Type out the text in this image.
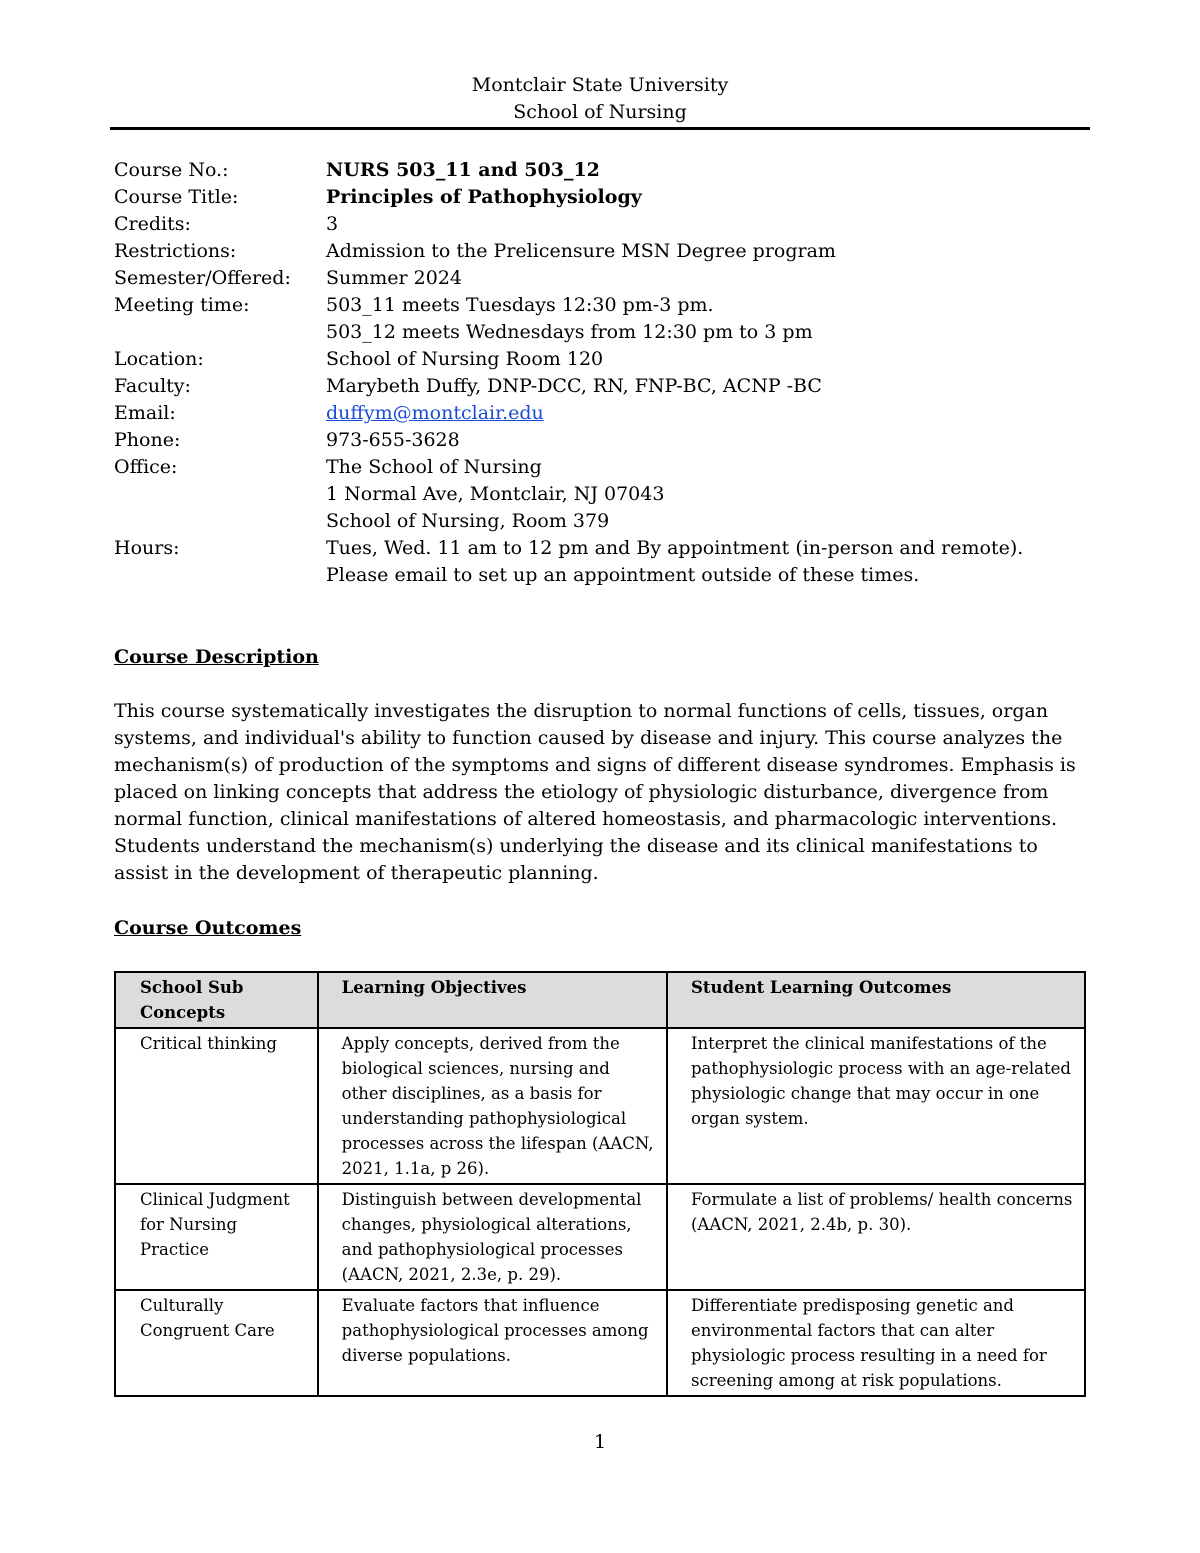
Montclair State University
School of Nursing
Course No.:	NURS 503_11 and 503_12
Course Title:	Principles of Pathophysiology
Credits:	3
Restrictions:	Admission to the Prelicensure MSN Degree program
Semester/Offered:	Summer 2024
Meeting time:	503_11 meets Tuesdays 12:30 pm-3 pm.
503_12 meets Wednesdays from 12:30 pm to 3 pm
Location:	School of Nursing Room 120
Faculty:	Marybeth Duffy, DNP-DCC, RN, FNP-BC, ACNP -BC
Email:	duffym@montclair.edu
Phone:	973-655-3628
Office:	The School of Nursing
1 Normal Ave, Montclair, NJ 07043
School of Nursing, Room 379
Hours:	Tues, Wed. 11 am to 12 pm and By appointment (in-person and remote).
Please email to set up an appointment outside of these times.
Course Description
This course systematically investigates the disruption to normal functions of cells, tissues, organ systems, and individual's ability to function caused by disease and injury. This course analyzes the mechanism(s) of production of the symptoms and signs of different disease syndromes. Emphasis is placed on linking concepts that address the etiology of physiologic disturbance, divergence from normal function, clinical manifestations of altered homeostasis, and pharmacologic interventions. Students understand the mechanism(s) underlying the disease and its clinical manifestations to assist in the development of therapeutic planning.
Course Outcomes
School Sub Concepts	Learning Objectives	Student Learning Outcomes
Critical thinking	Apply concepts, derived from the biological sciences, nursing and other disciplines, as a basis for understanding pathophysiological processes across the lifespan (AACN, 2021, 1.1a, p 26).	Interpret the clinical manifestations of the pathophysiologic process with an age-related physiologic change that may occur in one organ system.
Clinical Judgment for Nursing Practice	Distinguish between developmental changes, physiological alterations, and pathophysiological processes (AACN, 2021, 2.3e, p. 29).	Formulate a list of problems/ health concerns (AACN, 2021, 2.4b, p. 30).
Culturally Congruent Care	Evaluate factors that influence pathophysiological processes among diverse populations.	Differentiate predisposing genetic and environmental factors that can alter physiologic process resulting in a need for screening among at risk populations.
1
